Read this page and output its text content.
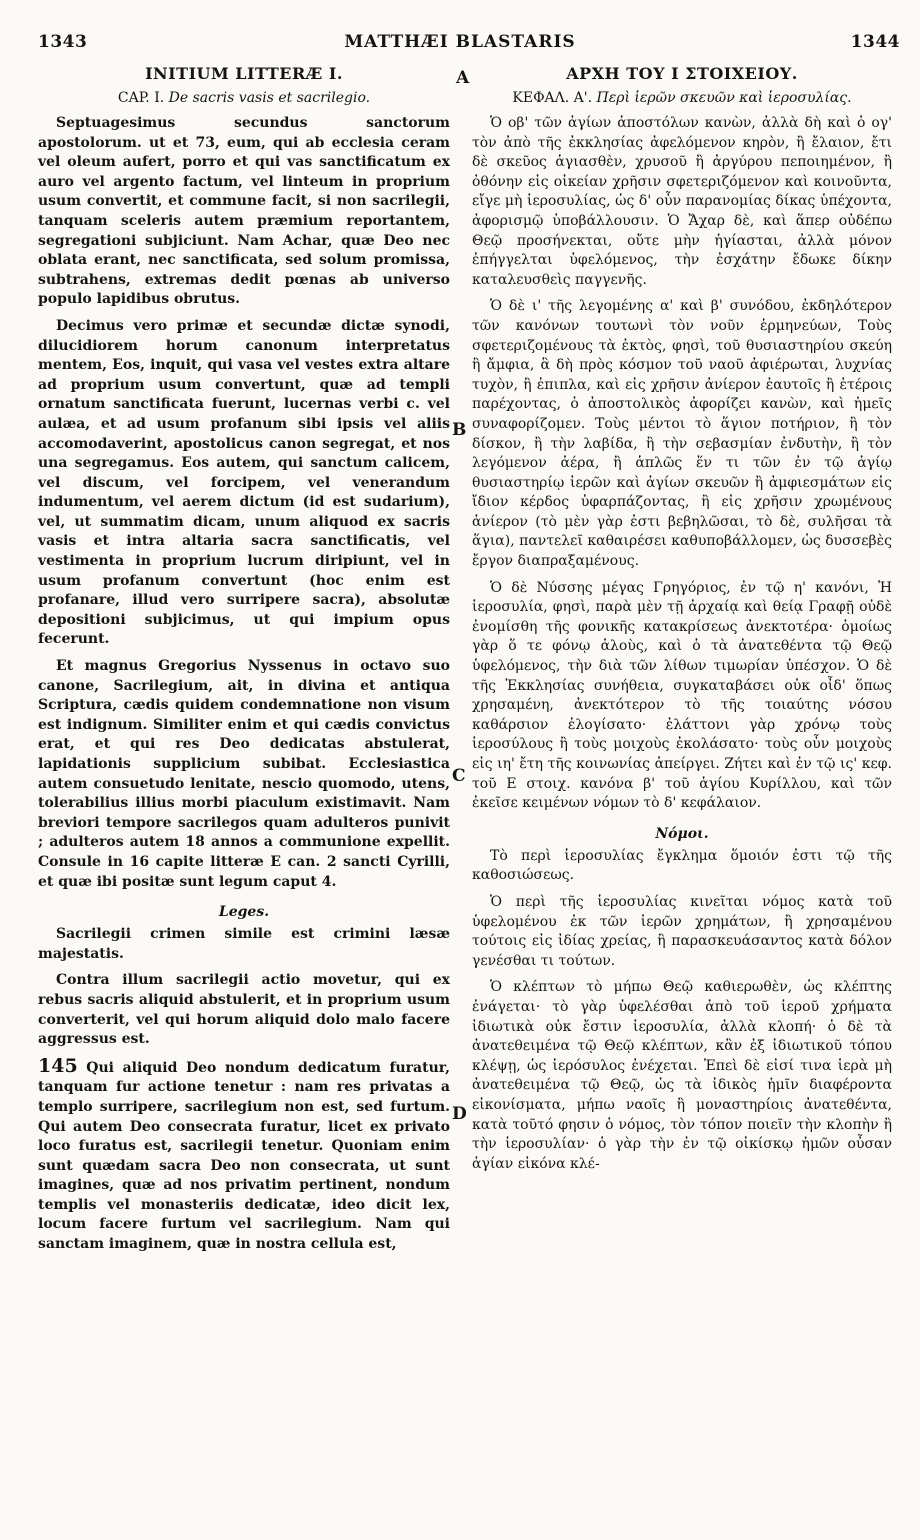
1343	MATTHÆI BLASTARIS	1344
A
B
C
D
INITIUM LITTERÆ I.
CAP. I. De sacris vasis et sacrilegio.

Septuagesimus secundus sanctorum apostolorum. ut et 73, eum, qui ab ecclesia ceram vel oleum aufert, porro et qui vas sanctificatum ex auro vel argento factum, vel linteum in proprium usum convertit, et commune facit, si non sacrilegii, tanquam sceleris autem præmium reportantem, segregationi subjiciunt. Nam Achar, quæ Deo nec oblata erant, nec sanctificata, sed solum promissa, subtrahens, extremas dedit pœnas ab universo populo lapidibus obrutus.

Decimus vero primæ et secundæ dictæ synodi, dilucidiorem horum canonum interpretatus mentem, Eos, inquit, qui vasa vel vestes extra altare ad proprium usum convertunt, quæ ad templi ornatum sanctificata fuerunt, lucernas verbi c. vel aulæa, et ad usum profanum sibi ipsis vel aliis accomodaverint, apostolicus canon segregat, et nos una segregamus. Eos autem, qui sanctum calicem, vel discum, vel forcipem, vel venerandum indumentum, vel aerem dictum (id est sudarium), vel, ut summatim dicam, unum aliquod ex sacris vasis et intra altaria sacra sanctificatis, vel vestimenta in proprium lucrum diripiunt, vel in usum profanum convertunt (hoc enim est profanare, illud vero surripere sacra), absolutæ depositioni subjicimus, ut qui impium opus fecerunt.

Et magnus Gregorius Nyssenus in octavo suo canone, Sacrilegium, ait, in divina et antiqua Scriptura, cædis quidem condemnatione non visum est indignum. Similiter enim et qui cædis convictus erat, et qui res Deo dedicatas abstulerat, lapidationis supplicium subibat. Ecclesiastica autem consuetudo lenitate, nescio quomodo, utens, tolerabilius illius morbi piaculum existimavit. Nam breviori tempore sacrilegos quam adulteros punivit ; adulteros autem 18 annos a communione expellit. Consule in 16 capite litteræ E can. 2 sancti Cyrilli, et quæ ibi positæ sunt legum caput 4.

Leges.

Sacrilegii crimen simile est crimini læsæ majestatis.

Contra illum sacrilegii actio movetur, qui ex rebus sacris aliquid abstulerit, et in proprium usum converterit, vel qui horum aliquid dolo malo facere aggressus est.

145 Qui aliquid Deo nondum dedicatum furatur, tanquam fur actione tenetur : nam res privatas a templo surripere, sacrilegium non est, sed furtum. Qui autem Deo consecrata furatur, licet ex privato loco furatus est, sacrilegii tenetur. Quoniam enim sunt quædam sacra Deo non consecrata, ut sunt imagines, quæ ad nos privatim pertinent, nondum templis vel monasteriis dedicatæ, ideo dicit lex, locum facere furtum vel sacrilegium. Nam qui sanctam imaginem, quæ in nostra cellula est,

ΑΡΧΗ ΤΟΥ Ι ΣΤΟΙΧΕΙΟΥ.
ΚΕΦΑΛ. Α'. Περὶ ἱερῶν σκευῶν καὶ ἱεροσυλίας.

Ὁ οβ' τῶν ἁγίων ἀποστόλων κανὼν, ἀλλὰ δὴ καὶ ὁ ογ' τὸν ἀπὸ τῆς ἐκκλησίας ἀφελόμενον κηρὸν, ἢ ἔλαιον, ἔτι δὲ σκεῦος ἁγιασθὲν, χρυσοῦ ἢ ἀργύρου πεποιημένον, ἢ ὀθόνην εἰς οἰκείαν χρῆσιν σφετεριζόμενον καὶ κοινοῦντα, εἴγε μὴ ἱεροσυλίας, ὡς δ' οὖν παρανομίας δίκας ὑπέχοντα, ἀφορισμῷ ὑποβάλλουσιν. Ὁ Ἄχαρ δὲ, καὶ ἅπερ οὐδέπω Θεῷ προσήνεκται, οὔτε μὴν ἡγίασται, ἀλλὰ μόνον ἐπήγγελται ὑφελόμενος, τὴν ἐσχάτην ἔδωκε δίκην καταλευσθεὶς παγγενῆς.

Ὁ δὲ ι' τῆς λεγομένης α' καὶ β' συνόδου, ἐκδηλότερον τῶν κανόνων τουτωνὶ τὸν νοῦν ἑρμηνεύων, Τοὺς σφετεριζομένους τὰ ἐκτὸς, φησὶ, τοῦ θυσιαστηρίου σκεύη ἢ ἄμφια, ἃ δὴ πρὸς κόσμον τοῦ ναοῦ ἀφιέρωται, λυχνίας τυχὸν, ἢ ἐπιπλα, καὶ εἰς χρῆσιν ἀνίερον ἑαυτοῖς ἢ ἑτέροις παρέχοντας, ὁ ἀποστολικὸς ἀφορίζει κανὼν, καὶ ἡμεῖς συναφορίζομεν. Τοὺς μέντοι τὸ ἅγιον ποτήριον, ἢ τὸν δίσκον, ἢ τὴν λαβίδα, ἢ τὴν σεβασμίαν ἐνδυτὴν, ἢ τὸν λεγόμενον ἀέρα, ἢ ἁπλῶς ἕν τι τῶν ἐν τῷ ἁγίῳ θυσιαστηρίῳ ἱερῶν καὶ ἁγίων σκευῶν ἢ ἀμφιεσμάτων εἰς ἴδιον κέρδος ὑφαρπάζοντας, ἢ εἰς χρῆσιν χρωμένους ἀνίερον (τὸ μὲν γὰρ ἐστι βεβηλῶσαι, τὸ δὲ, συλῆσαι τὰ ἅγια), παντελεῖ καθαιρέσει καθυποβάλλομεν, ὡς δυσσεβὲς ἔργον διαπραξαμένους.

Ὁ δὲ Νύσσης μέγας Γρηγόριος, ἐν τῷ η' κανόνι, Ἡ ἱεροσυλία, φησὶ, παρὰ μὲν τῇ ἀρχαίᾳ καὶ θείᾳ Γραφῇ οὐδὲ ἐνομίσθη τῆς φονικῆς κατακρίσεως ἀνεκτοτέρα· ὁμοίως γὰρ ὅ τε φόνῳ ἁλοὺς, καὶ ὁ τὰ ἀνατεθέντα τῷ Θεῷ ὑφελόμενος, τὴν διὰ τῶν λίθων τιμωρίαν ὑπέσχον. Ὁ δὲ τῆς Ἐκκλησίας συνήθεια, συγκαταβάσει οὐκ οἶδ' ὅπως χρησαμένη, ἀνεκτότερον τὸ τῆς τοιαύτης νόσου καθάρσιον ἐλογίσατο· ἐλάττονι γὰρ χρόνῳ τοὺς ἱεροσύλους ἢ τοὺς μοιχοὺς ἐκολάσατο· τοὺς οὖν μοιχοὺς εἰς ιη' ἔτη τῆς κοινωνίας ἀπείργει. Ζήτει καὶ ἐν τῷ ις' κεφ. τοῦ Ε στοιχ. κανόνα β' τοῦ ἁγίου Κυρίλλου, καὶ τῶν ἐκεῖσε κειμένων νόμων τὸ δ' κεφάλαιον.

Νόμοι.

Τὸ περὶ ἱεροσυλίας ἔγκλημα ὅμοιόν ἐστι τῷ τῆς καθοσιώσεως.

Ὁ περὶ τῆς ἱεροσυλίας κινεῖται νόμος κατὰ τοῦ ὑφελομένου ἐκ τῶν ἱερῶν χρημάτων, ἢ χρησαμένου τούτοις εἰς ἰδίας χρείας, ἢ παρασκευάσαντος κατὰ δόλον γενέσθαι τι τούτων.

Ὁ κλέπτων τὸ μήπω Θεῷ καθιερωθὲν, ὡς κλέπτης ἐνάγεται· τὸ γὰρ ὑφελέσθαι ἀπὸ τοῦ ἱεροῦ χρήματα ἰδιωτικὰ οὐκ ἔστιν ἱεροσυλία, ἀλλὰ κλοπή· ὁ δὲ τὰ ἀνατεθειμένα τῷ Θεῷ κλέπτων, κἂν ἐξ ἰδιωτικοῦ τόπου κλέψῃ, ὡς ἱερόσυλος ἐνέχεται. Ἐπεὶ δὲ εἰσί τινα ἱερὰ μὴ ἀνατεθειμένα τῷ Θεῷ, ὡς τὰ ἰδικὸς ἡμῖν διαφέροντα εἰκονίσματα, μήπω ναοῖς ἢ μοναστηρίοις ἀνατεθέντα, κατὰ τοῦτό φησιν ὁ νόμος, τὸν τόπον ποιεῖν τὴν κλοπὴν ἢ τὴν ἱεροσυλίαν· ὁ γὰρ τὴν ἐν τῷ οἰκίσκῳ ἡμῶν οὖσαν ἁγίαν εἰκόνα κλέ-
